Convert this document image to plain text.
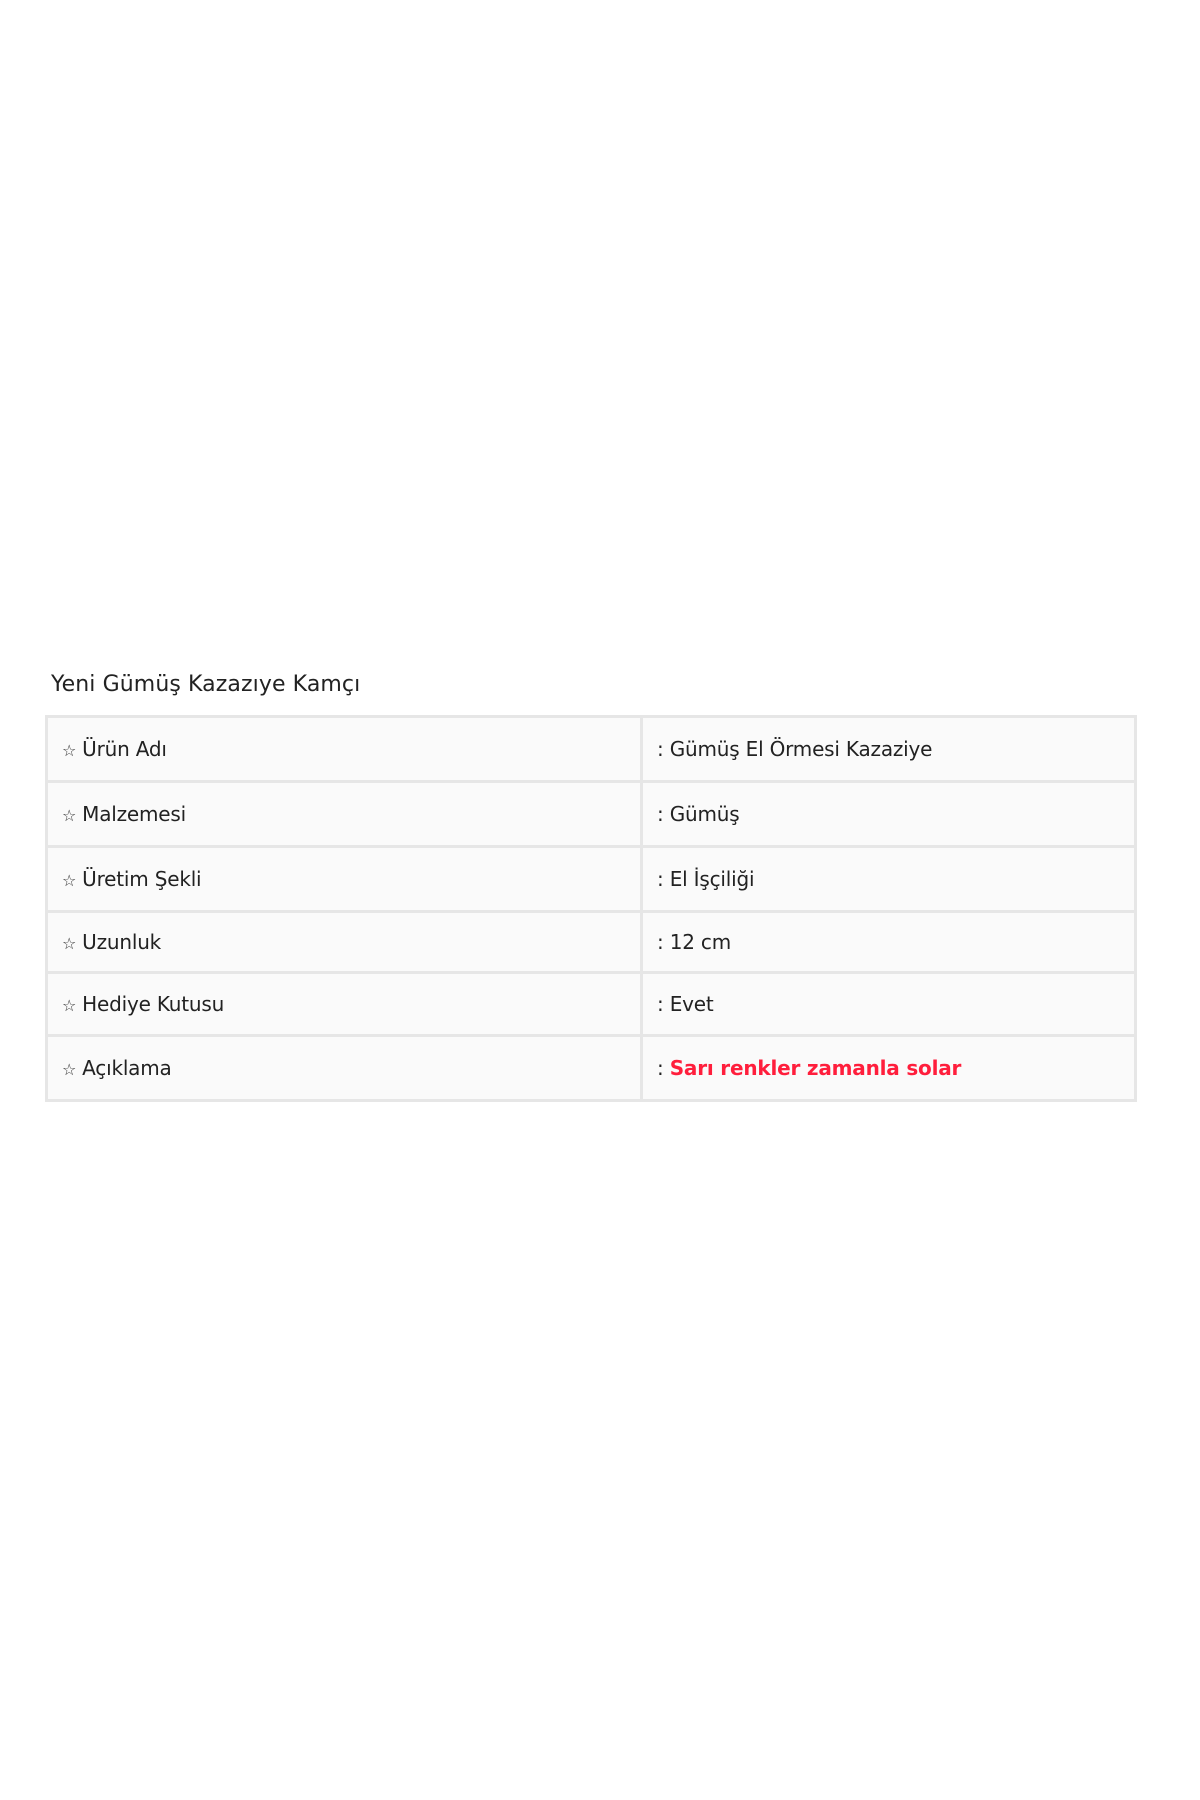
Yeni Gümüş Kazazıye Kamçı
☆ Ürün Adı	: Gümüş El Örmesi Kazaziye
☆ Malzemesi	: Gümüş
☆ Üretim Şekli	: El İşçiliği
☆ Uzunluk	: 12 cm
☆ Hediye Kutusu	: Evet
☆ Açıklama	: Sarı renkler zamanla solar
